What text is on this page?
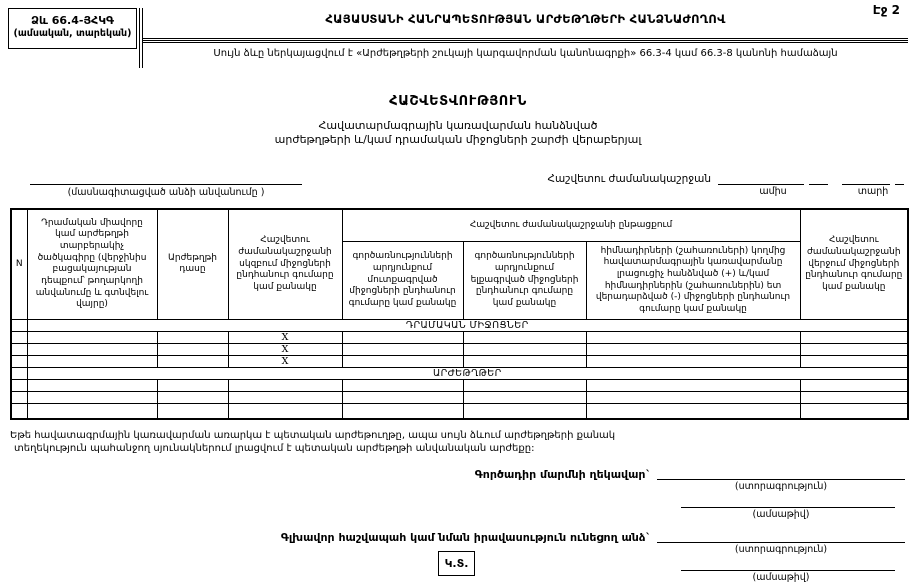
Էջ 2
Ձև 66.4-ՅՀԿԳ
(ամսական, տարեկան)
ՀԱՅԱՍՏԱՆԻ ՀԱՆՐԱՊԵՏՈՒԹՅԱՆ ԱՐԺԵԹՂԹԵՐԻ ՀԱՆՁՆԱԺՈՂՈՎ
Սույն ձևը ներկայացվում է «Արժեթղթերի շուկայի կարգավորման կանոնագրքի» 66.3-4 կամ 66.3-8 կանոնի համաձայն
ՀԱՇՎԵՏՎՈՒԹՅՈՒՆ
Հավատարմագրային կառավարման հանձնված
արժեթղթերի և/կամ դրամական միջոցների շարժի վերաբերյալ
(մասնագիտացված անձի անվանումը )
Հաշվետու ժամանակաշրջան
ամիս	տարի
N	Դրամական միավորը կամ արժեթղթի տարբերակիչ ծածկագիրը (վերջինիս բացակայության դեպքում՝ թողարկողի անվանումը և գտնվելու վայրը)	Արժեթղթի դասը	Հաշվետու ժամանակաշրջանի սկզբում միջոցների ընդհանուր գումարը կամ քանակը	Հաշվետու ժամանակաշրջանի ընթացքում			Հաշվետու ժամանակաշրջանի վերջում միջոցների ընդհանուր գումարը կամ քանակը
				գործառնությունների արդյունքում մուտքագրված միջոցների ընդհանուր գումարը կամ քանակը	գործառնությունների արդյունքում ելքագրված միջոցների ընդհանուր գումարը կամ քանակը	հիմնադիրների (շահառուների) կողմից հավատարմագրային կառավարմանը լրացուցիչ հանձնված (+) և/կամ հիմնադիրներին (շահառուներին) ետ վերադարձված (-) միջոցների ընդհանուր գումարը կամ քանակը	
	ԴՐԱՄԱԿԱՆ ՄԻՋՈՑՆԵՐ						
			X				
			X				
			X				
	ԱՐԺԵԹՂԹԵՐ						

Եթե հավատագրմային կառավարման առարկա է պետական արժեթուղթը, ապա սույն ձևում արժեթղթերի քանակ
տեղեկություն պահանջող սյունակներում լրացվում է պետական արժեթղթի անվանական արժեքը:
Գործադիր մարմնի ղեկավար`
(ստորագրություն)
(ամսաթիվ)
Գլխավոր հաշվապահ կամ նման իրավասություն ունեցող անձ`
(ստորագրություն)
(ամսաթիվ)
Կ.Տ.
